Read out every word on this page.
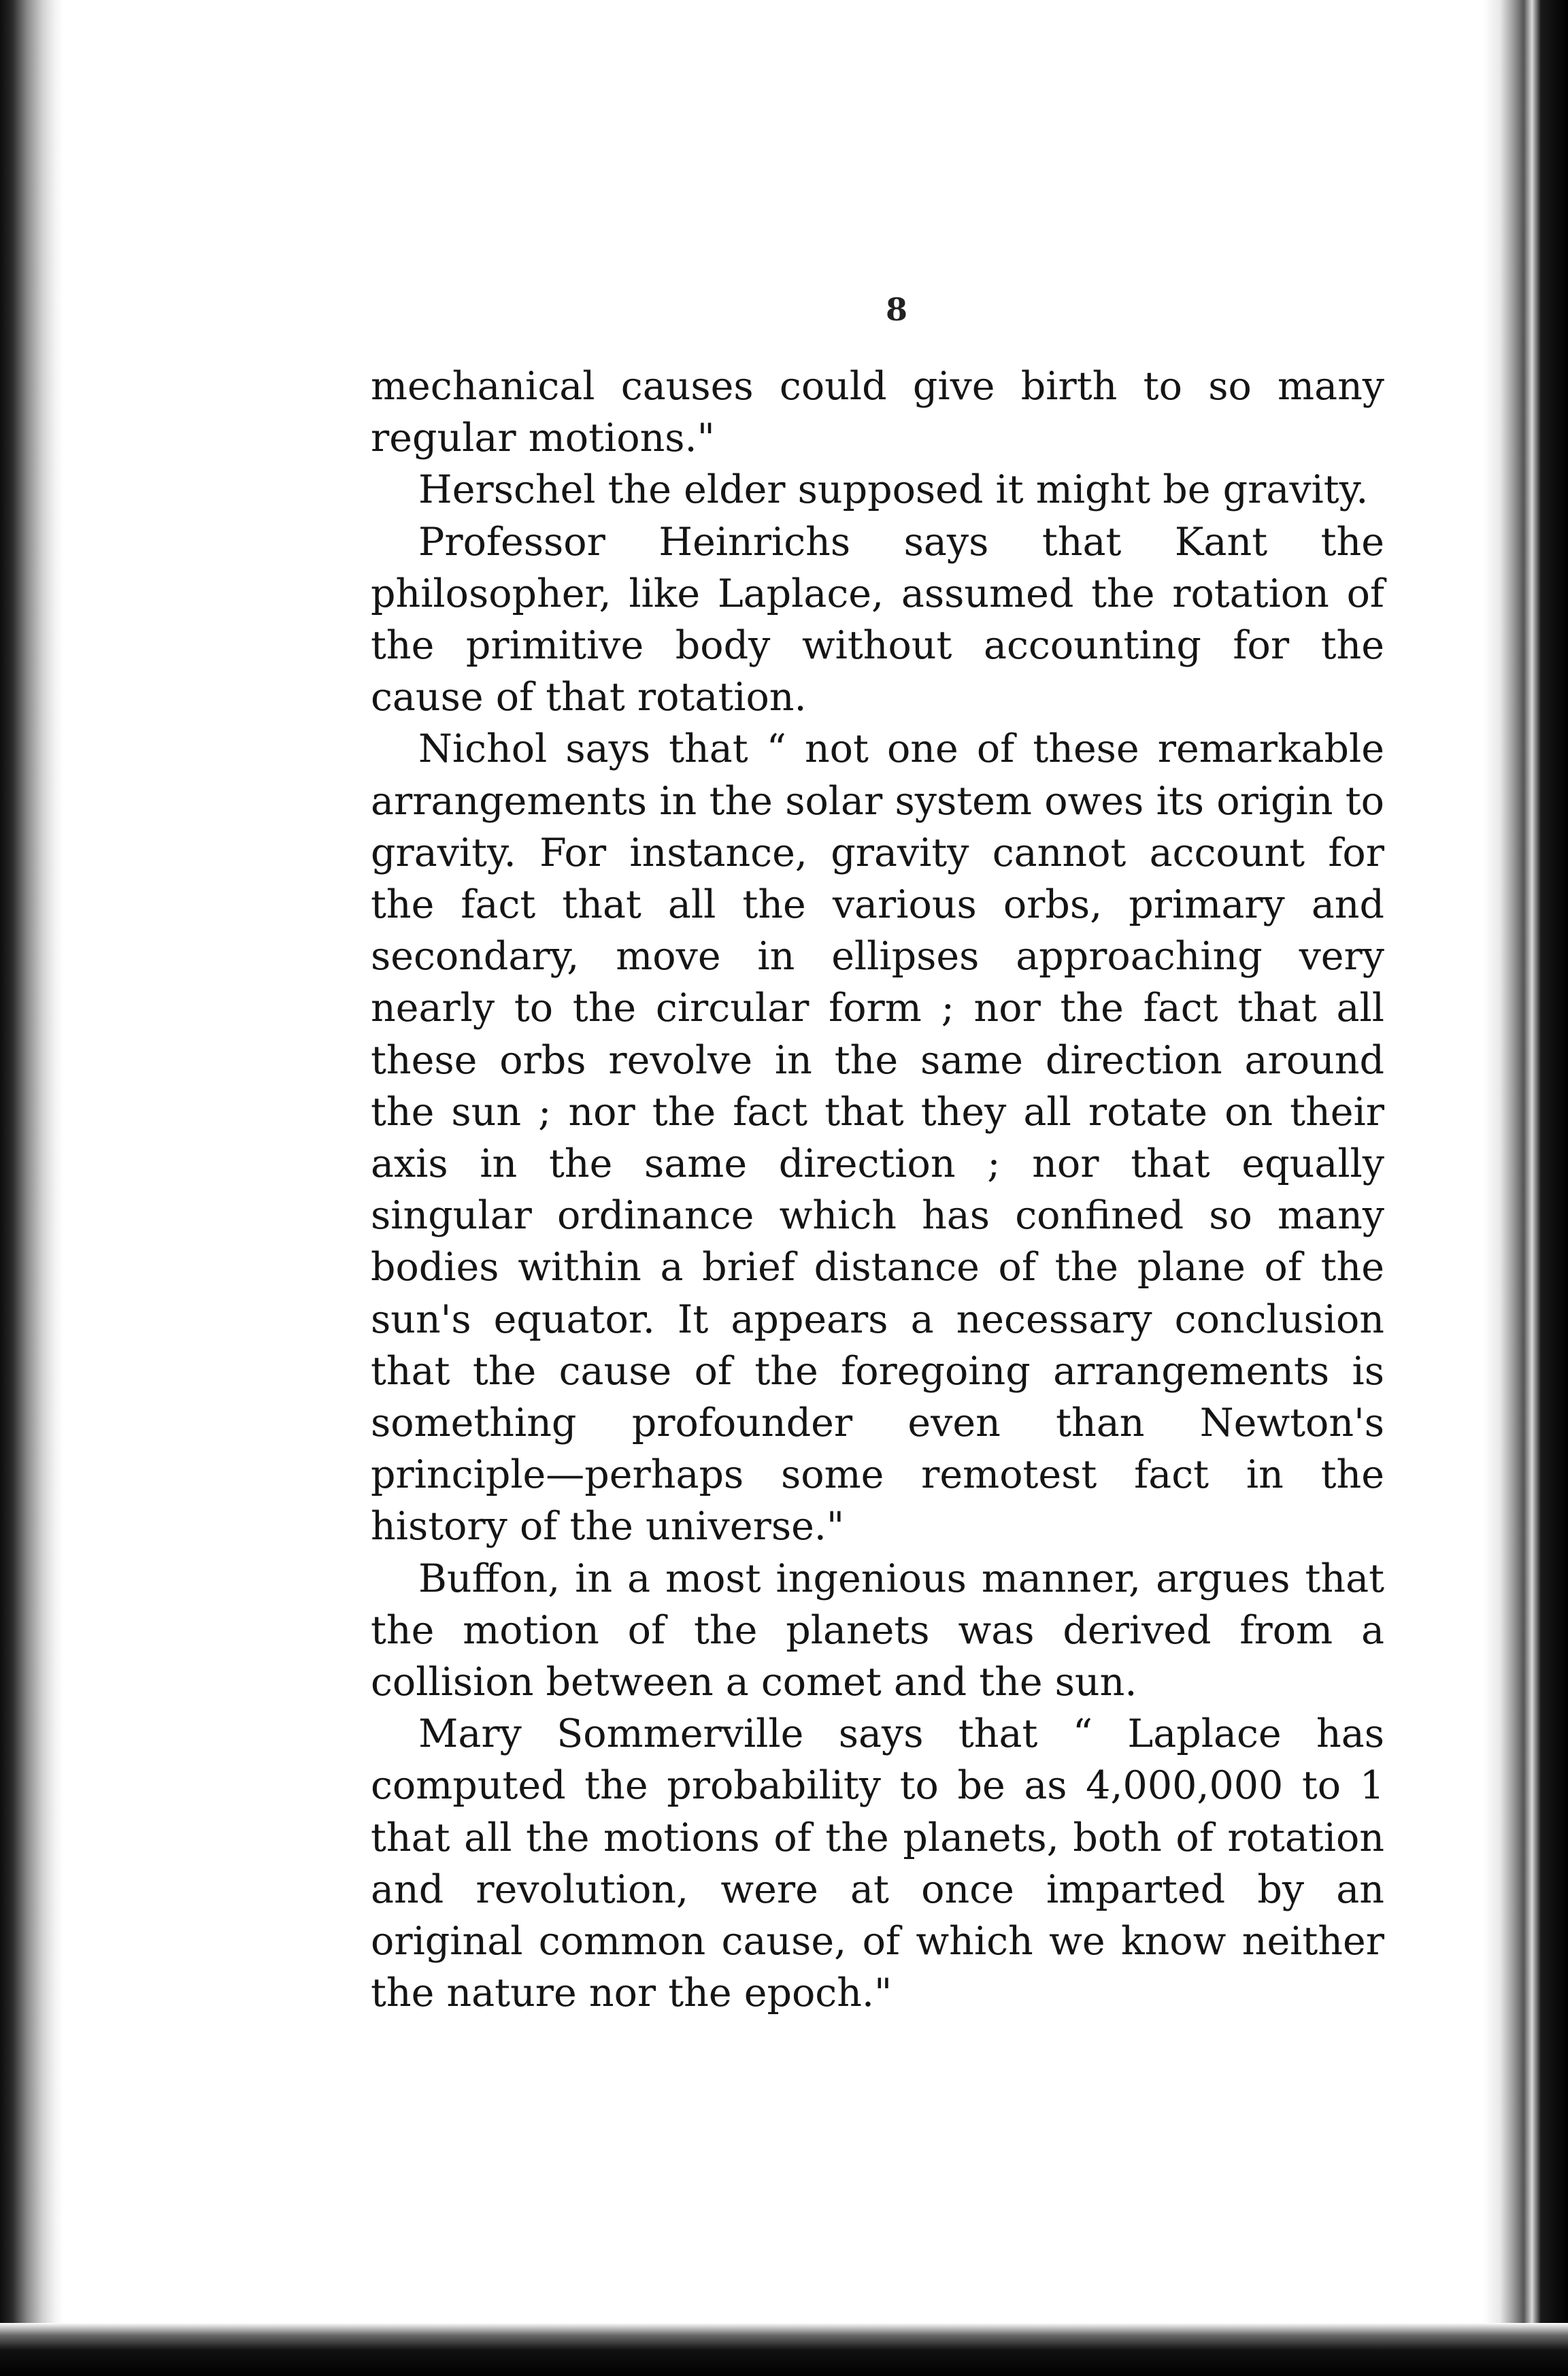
8

mechanical causes could give birth to so many regular motions."

Herschel the elder supposed it might be gravity.

Professor Heinrichs says that Kant the philosopher, like Laplace, assumed the rotation of the primitive body without accounting for the cause of that rotation.

Nichol says that “ not one of these remarkable arrangements in the solar system owes its origin to gravity. For instance, gravity cannot account for the fact that all the various orbs, primary and secondary, move in ellipses approaching very nearly to the circular form ; nor the fact that all these orbs revolve in the same direction around the sun ; nor the fact that they all rotate on their axis in the same direction ; nor that equally singular ordinance which has confined so many bodies within a brief distance of the plane of the sun's equator. It appears a necessary conclusion that the cause of the foregoing arrangements is something profounder even than Newton's principle—perhaps some remotest fact in the history of the universe."

Buffon, in a most ingenious manner, argues that the motion of the planets was derived from a collision between a comet and the sun.

Mary Sommerville says that “ Laplace has computed the probability to be as 4,000,000 to 1 that all the motions of the planets, both of rotation and revolution, were at once imparted by an original common cause, of which we know neither the nature nor the epoch."
